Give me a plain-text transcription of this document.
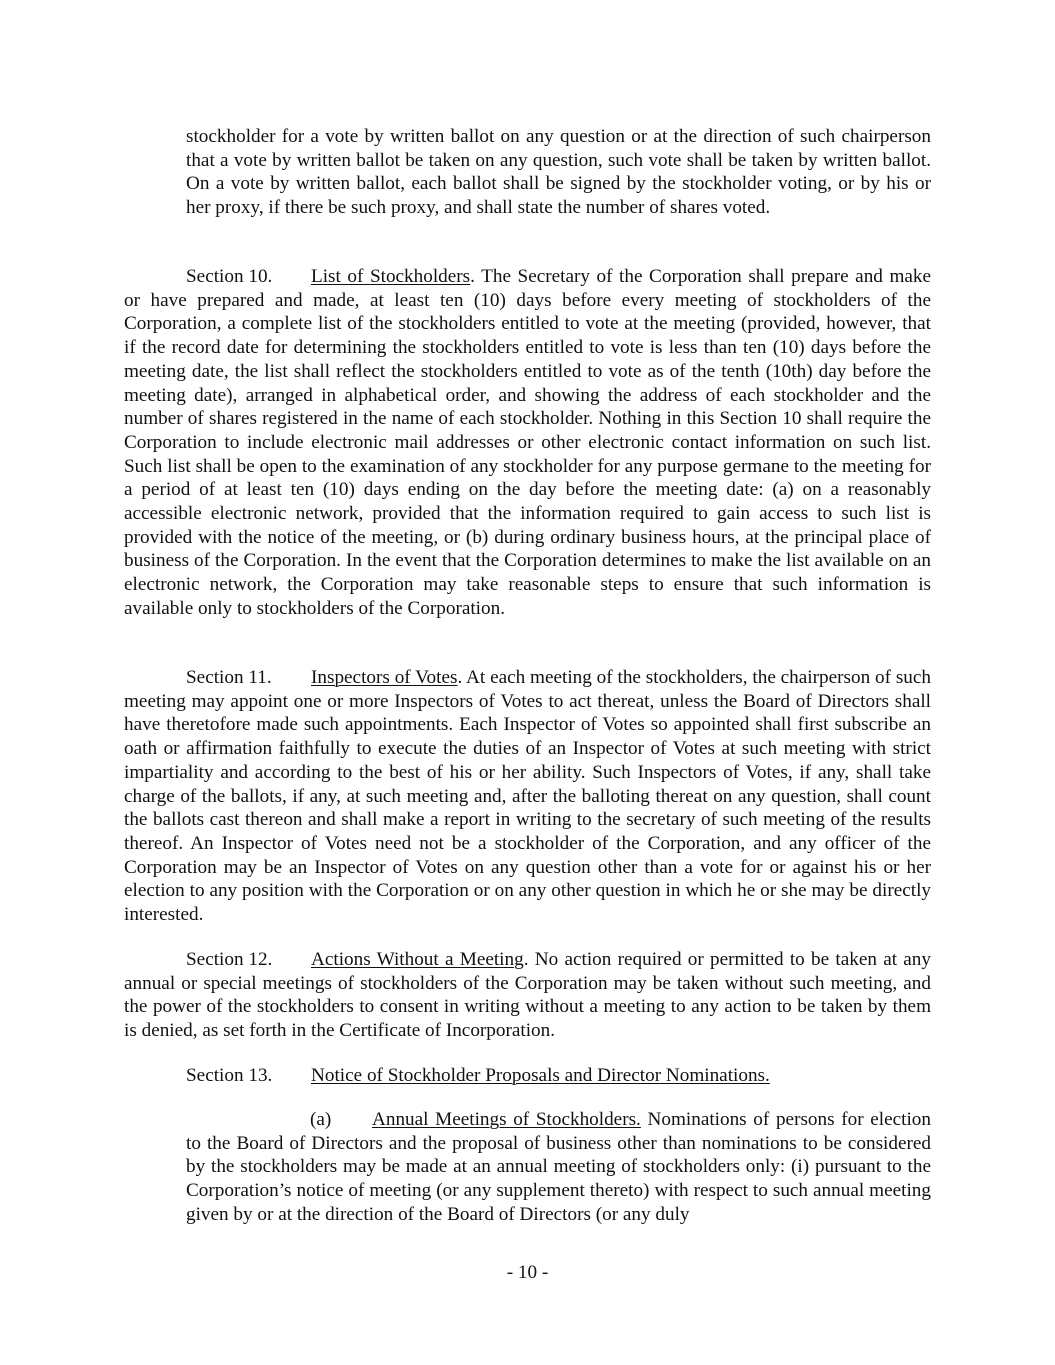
stockholder for a vote by written ballot on any question or at the direction of such chairperson that a vote by written ballot be taken on any question, such vote shall be taken by written ballot. On a vote by written ballot, each ballot shall be signed by the stockholder voting, or by his or her proxy, if there be such proxy, and shall state the number of shares voted.

Section 10. List of Stockholders. The Secretary of the Corporation shall prepare and make or have prepared and made, at least ten (10) days before every meeting of stockholders of the Corporation, a complete list of the stockholders entitled to vote at the meeting (provided, however, that if the record date for determining the stockholders entitled to vote is less than ten (10) days before the meeting date, the list shall reflect the stockholders entitled to vote as of the tenth (10th) day before the meeting date), arranged in alphabetical order, and showing the address of each stockholder and the number of shares registered in the name of each stockholder. Nothing in this Section 10 shall require the Corporation to include electronic mail addresses or other electronic contact information on such list. Such list shall be open to the examination of any stockholder for any purpose germane to the meeting for a period of at least ten (10) days ending on the day before the meeting date: (a) on a reasonably accessible electronic network, provided that the information required to gain access to such list is provided with the notice of the meeting, or (b) during ordinary business hours, at the principal place of business of the Corporation. In the event that the Corporation determines to make the list available on an electronic network, the Corporation may take reasonable steps to ensure that such information is available only to stockholders of the Corporation.

Section 11. Inspectors of Votes. At each meeting of the stockholders, the chairperson of such meeting may appoint one or more Inspectors of Votes to act thereat, unless the Board of Directors shall have theretofore made such appointments. Each Inspector of Votes so appointed shall first subscribe an oath or affirmation faithfully to execute the duties of an Inspector of Votes at such meeting with strict impartiality and according to the best of his or her ability. Such Inspectors of Votes, if any, shall take charge of the ballots, if any, at such meeting and, after the balloting thereat on any question, shall count the ballots cast thereon and shall make a report in writing to the secretary of such meeting of the results thereof. An Inspector of Votes need not be a stockholder of the Corporation, and any officer of the Corporation may be an Inspector of Votes on any question other than a vote for or against his or her election to any position with the Corporation or on any other question in which he or she may be directly interested.

Section 12. Actions Without a Meeting. No action required or permitted to be taken at any annual or special meetings of stockholders of the Corporation may be taken without such meeting, and the power of the stockholders to consent in writing without a meeting to any action to be taken by them is denied, as set forth in the Certificate of Incorporation.

Section 13. Notice of Stockholder Proposals and Director Nominations.

(a) Annual Meetings of Stockholders. Nominations of persons for election to the Board of Directors and the proposal of business other than nominations to be considered by the stockholders may be made at an annual meeting of stockholders only: (i) pursuant to the Corporation’s notice of meeting (or any supplement thereto) with respect to such annual meeting given by or at the direction of the Board of Directors (or any duly

- 10 -
